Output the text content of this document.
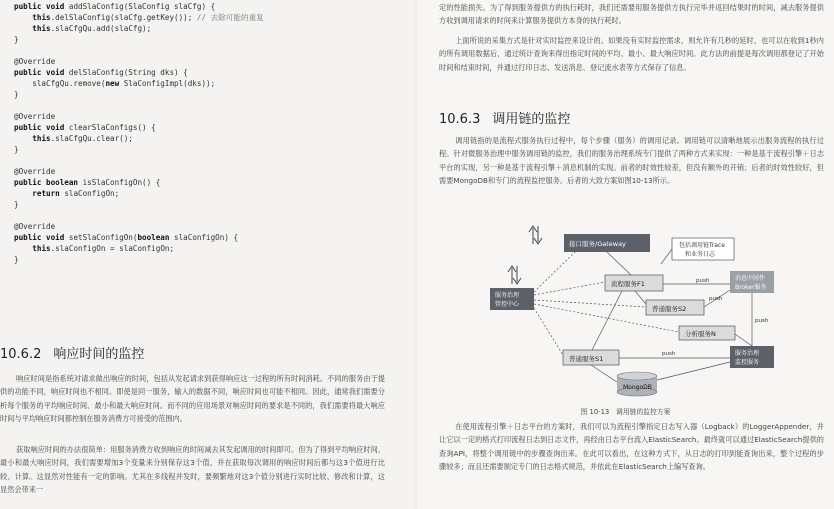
public void addSlaConfig(SlaConfig slaCfg) {
this.delSlaConfig(slaCfg.getKey()); // 去除可能的重复
this.slaCfgQu.add(slaCfg);
}
@Override
public void delSlaConfig(String dks) {
slaCfgQu.remove(new SlaConfigImpl(dks));
}
@Override
public void clearSlaConfigs() {
this.slaCfgQu.clear();
}
@Override
public boolean isSlaConfigOn() {
return slaConfigOn;
}
@Override
public void setSlaConfigOn(boolean slaConfigOn) {
this.slaConfigOn = slaConfigOn;
}
10.6.2 响应时间的监控
响应时间是指系统对请求做出响应的时间，包括从发起请求到获得响应这一过程的所有时间消耗。不同的服务由于提供的功能不同，响应时间也不相同。即使是同一服务，输入的数据不同，响应时间也可能不相同。因此，通常我们需要分析每个服务的平均响应时间、最小和最大响应时间。而不同的应用场景对响应时间的要求是不同的，我们需要将最大响应时间与平均响应时间都控制在服务消费方可接受的范围内。
获取响应时间的办法很简单：用服务消费方收到响应的时间减去其发起调用的时间即可。但为了得到平均响应时间、最小和最大响应时间，我们需要增加3个变量来分别保存这3个值，并在获取每次调用的响应时间后都与这3个值进行比较、计算。这显然对性能有一定的影响。尤其在多线程并发时，要频繁地对这3个值分别进行实时比较、修改和计算，这显然会带来一
定的性能损失。为了得到服务提供方的执行耗时，我们还需要用服务提供方执行完毕并返回结果时的时间，减去服务提供方收到调用请求的时间来计算服务提供方本身的执行耗时。
上面所说的采集方式是针对实时监控来设计的。如果没有实时监控需求，则允许有几秒的延时，也可以在收到1秒内的所有调用数据后，通过统计查询来得出指定时间的平均、最小、最大响应时间。此方法的前提是每次调用都登记了开始时间和结束时间，并通过打印日志、发送消息、登记流水表等方式保存了信息。
10.6.3 调用链的监控
调用链指的是流程式服务执行过程中，每个步骤（服务）的调用记录。调用链可以清晰地展示出服务流程的执行过程。针对微服务治理中服务调用链的监控，我们的服务治理系统专门提供了两种方式来实现：一种是基于流程引擎＋日志平台的实现，另一种是基于流程引擎＋消息机制的实现。前者的时效性较差，但没有额外的开销；后者的时效性较好，但需要MongoDB和专门的流程监控服务。后者的大致方案如图10-13所示。
接口服务/Gateway	包括调用链Trace
和业务日志
服务治理
管控中心
流程服务F1
普通服务S2
分析服务N
普通服务S1
消息中间件
Broker服务
服务治理
监控服务
MongoDB
push
push
push
push
图 10-13　调用链的监控方案
在使用流程引擎＋日志平台的方案时，我们可以为流程引擎指定日志写入器（Logback）的LoggerAppender，并让它以一定的格式打印流程日志到日志文件，再经由日志平台流入ElasticSearch。最终就可以通过ElasticSearch提供的查询API，将整个调用链中的步骤查询出来。在此可以看出，在这种方式下，从日志的打印到能查询出来，整个过程的步骤较多；而且还需要制定专门的日志格式规范，并依此在ElasticSearch上编写查询。
